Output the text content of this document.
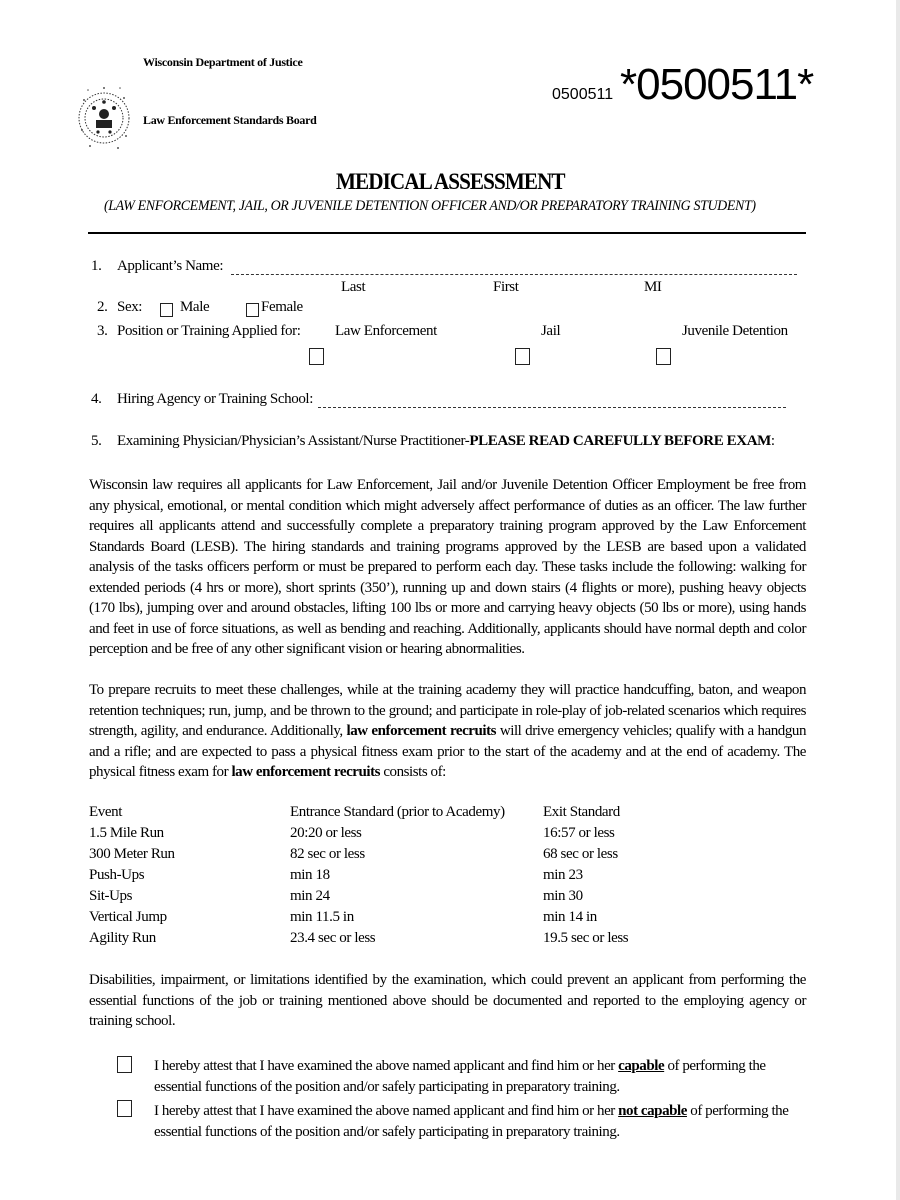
Wisconsin Department of Justice
Law Enforcement Standards Board
0500511 *0500511*
MEDICAL ASSESSMENT
(LAW ENFORCEMENT, JAIL, OR JUVENILE DETENTION OFFICER AND/OR PREPARATORY TRAINING STUDENT)
1. Applicant’s Name:
Last	First	MI
2. Sex:	Male	Female
3. Position or Training Applied for: Law Enforcement	Jail	Juvenile Detention
4. Hiring Agency or Training School:
5. Examining Physician/Physician’s Assistant/Nurse Practitioner-PLEASE READ CAREFULLY BEFORE EXAM:

Wisconsin law requires all applicants for Law Enforcement, Jail and/or Juvenile Detention Officer Employment be free from any physical, emotional, or mental condition which might adversely affect performance of duties as an officer. The law further requires all applicants attend and successfully complete a preparatory training program approved by the Law Enforcement Standards Board (LESB). The hiring standards and training programs approved by the LESB are based upon a validated analysis of the tasks officers perform or must be prepared to perform each day. These tasks include the following: walking for extended periods (4 hrs or more), short sprints (350’), running up and down stairs (4 flights or more), pushing heavy objects (170 lbs), jumping over and around obstacles, lifting 100 lbs or more and carrying heavy objects (50 lbs or more), using hands and feet in use of force situations, as well as bending and reaching. Additionally, applicants should have normal depth and color perception and be free of any other significant vision or hearing abnormalities.

To prepare recruits to meet these challenges, while at the training academy they will practice handcuffing, baton, and weapon retention techniques; run, jump, and be thrown to the ground; and participate in role-play of job-related scenarios which requires strength, agility, and endurance. Additionally, law enforcement recruits will drive emergency vehicles; qualify with a handgun and a rifle; and are expected to pass a physical fitness exam prior to the start of the academy and at the end of academy. The physical fitness exam for law enforcement recruits consists of:

Event	Entrance Standard (prior to Academy)	Exit Standard
1.5 Mile Run	20:20 or less	16:57 or less
300 Meter Run	82 sec or less	68 sec or less
Push-Ups	min 18	min 23
Sit-Ups	min 24	min 30
Vertical Jump	min 11.5 in	min 14 in
Agility Run	23.4 sec or less	19.5 sec or less

Disabilities, impairment, or limitations identified by the examination, which could prevent an applicant from performing the essential functions of the job or training mentioned above should be documented and reported to the employing agency or training school.

I hereby attest that I have examined the above named applicant and find him or her capable of performing the essential functions of the position and/or safely participating in preparatory training.
I hereby attest that I have examined the above named applicant and find him or her not capable of performing the essential functions of the position and/or safely participating in preparatory training.
